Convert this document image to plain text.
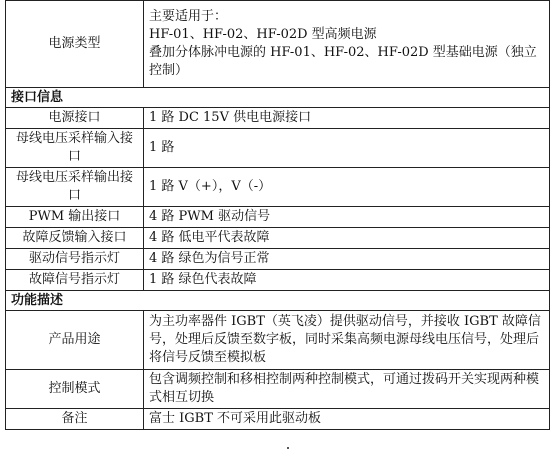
电源类型	主要适用于：
HF-01、HF-02、HF-02D 型高频电源
叠加分体脉冲电源的 HF-01、HF-02、HF-02D 型基础电源（独立控制）

接口信息	
电源接口	1 路 DC 15V 供电电源接口
母线电压采样输入接口	1 路
母线电压采样输出接口	1 路 V（+），V（-）
PWM 输出接口	4 路 PWM 驱动信号
故障反馈输入接口	4 路 低电平代表故障
驱动信号指示灯	4 路 绿色为信号正常
故障信号指示灯	1 路 绿色代表故障
功能描述	
产品用途	为主功率器件 IGBT（英飞凌）提供驱动信号，并接收 IGBT 故障信号，处理后反馈至数字板，同时采集高频电源母线电压信号，处理后将信号反馈至模拟板
控制模式	包含调频控制和移相控制两种控制模式，可通过拨码开关实现两种模式相互切换
备注	富士 IGBT 不可采用此驱动板
